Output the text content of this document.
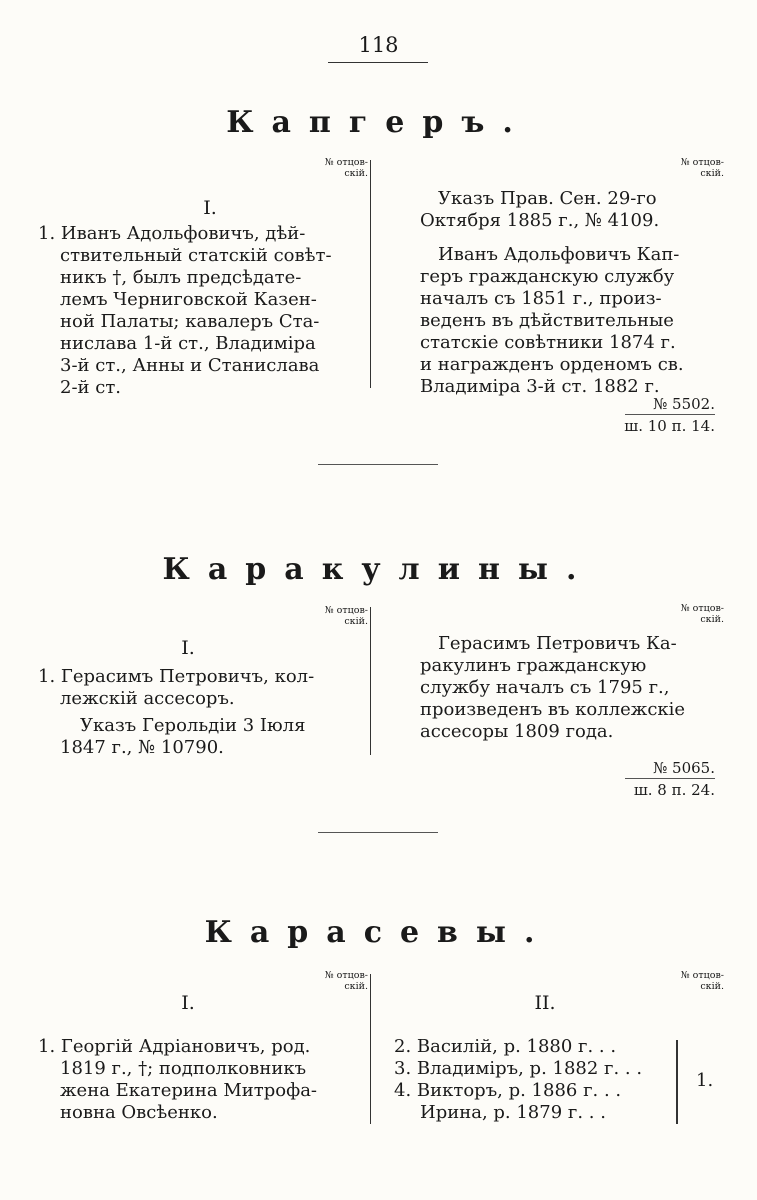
118
Капгеръ.
№ отцов-
скій.
№ отцов-
скій.
I.

1. Иванъ Адольфовичъ, дѣй-

ствительный статскій совѣт-

никъ †, былъ предсѣдате-

лемъ Черниговской Казен-

ной Палаты; кавалеръ Ста-

нислава 1-й ст., Владиміра

3-й ст., Анны и Станислава

2-й ст.

Указъ Прав. Сен. 29-го

Октября 1885 г., № 4109.

Иванъ Адольфовичъ Кап-

геръ гражданскую службу

началъ съ 1851 г., произ-

веденъ въ дѣйствительные

статскіе совѣтники 1874 г.

и награжденъ орденомъ св.

Владиміра 3-й ст. 1882 г.

№ 5502.
ш. 10 п. 14.
Каракулины.
№ отцов-
скій.
№ отцов-
скій.
I.

1. Герасимъ Петровичъ, кол-

лежскій ассесоръ.

Указъ Герольдіи 3 Іюля

1847 г., № 10790.

Герасимъ Петровичъ Ка-

ракулинъ гражданскую

службу началъ съ 1795 г.,

произведенъ въ коллежскіе

ассесоры 1809 года.

№ 5065.
ш. 8 п. 24.
Карасевы.
№ отцов-
скій.
№ отцов-
скій.
I.	II.

1. Георгій Адріановичъ, род.

1819 г., †; подполковникъ

жена Екатерина Митрофа-

новна Овсѣенко.

2. Василій, р. 1880 г. . .

3. Владиміръ, р. 1882 г. . .

4. Викторъ, р. 1886 г. . .

Ирина, р. 1879 г. . .

1.
